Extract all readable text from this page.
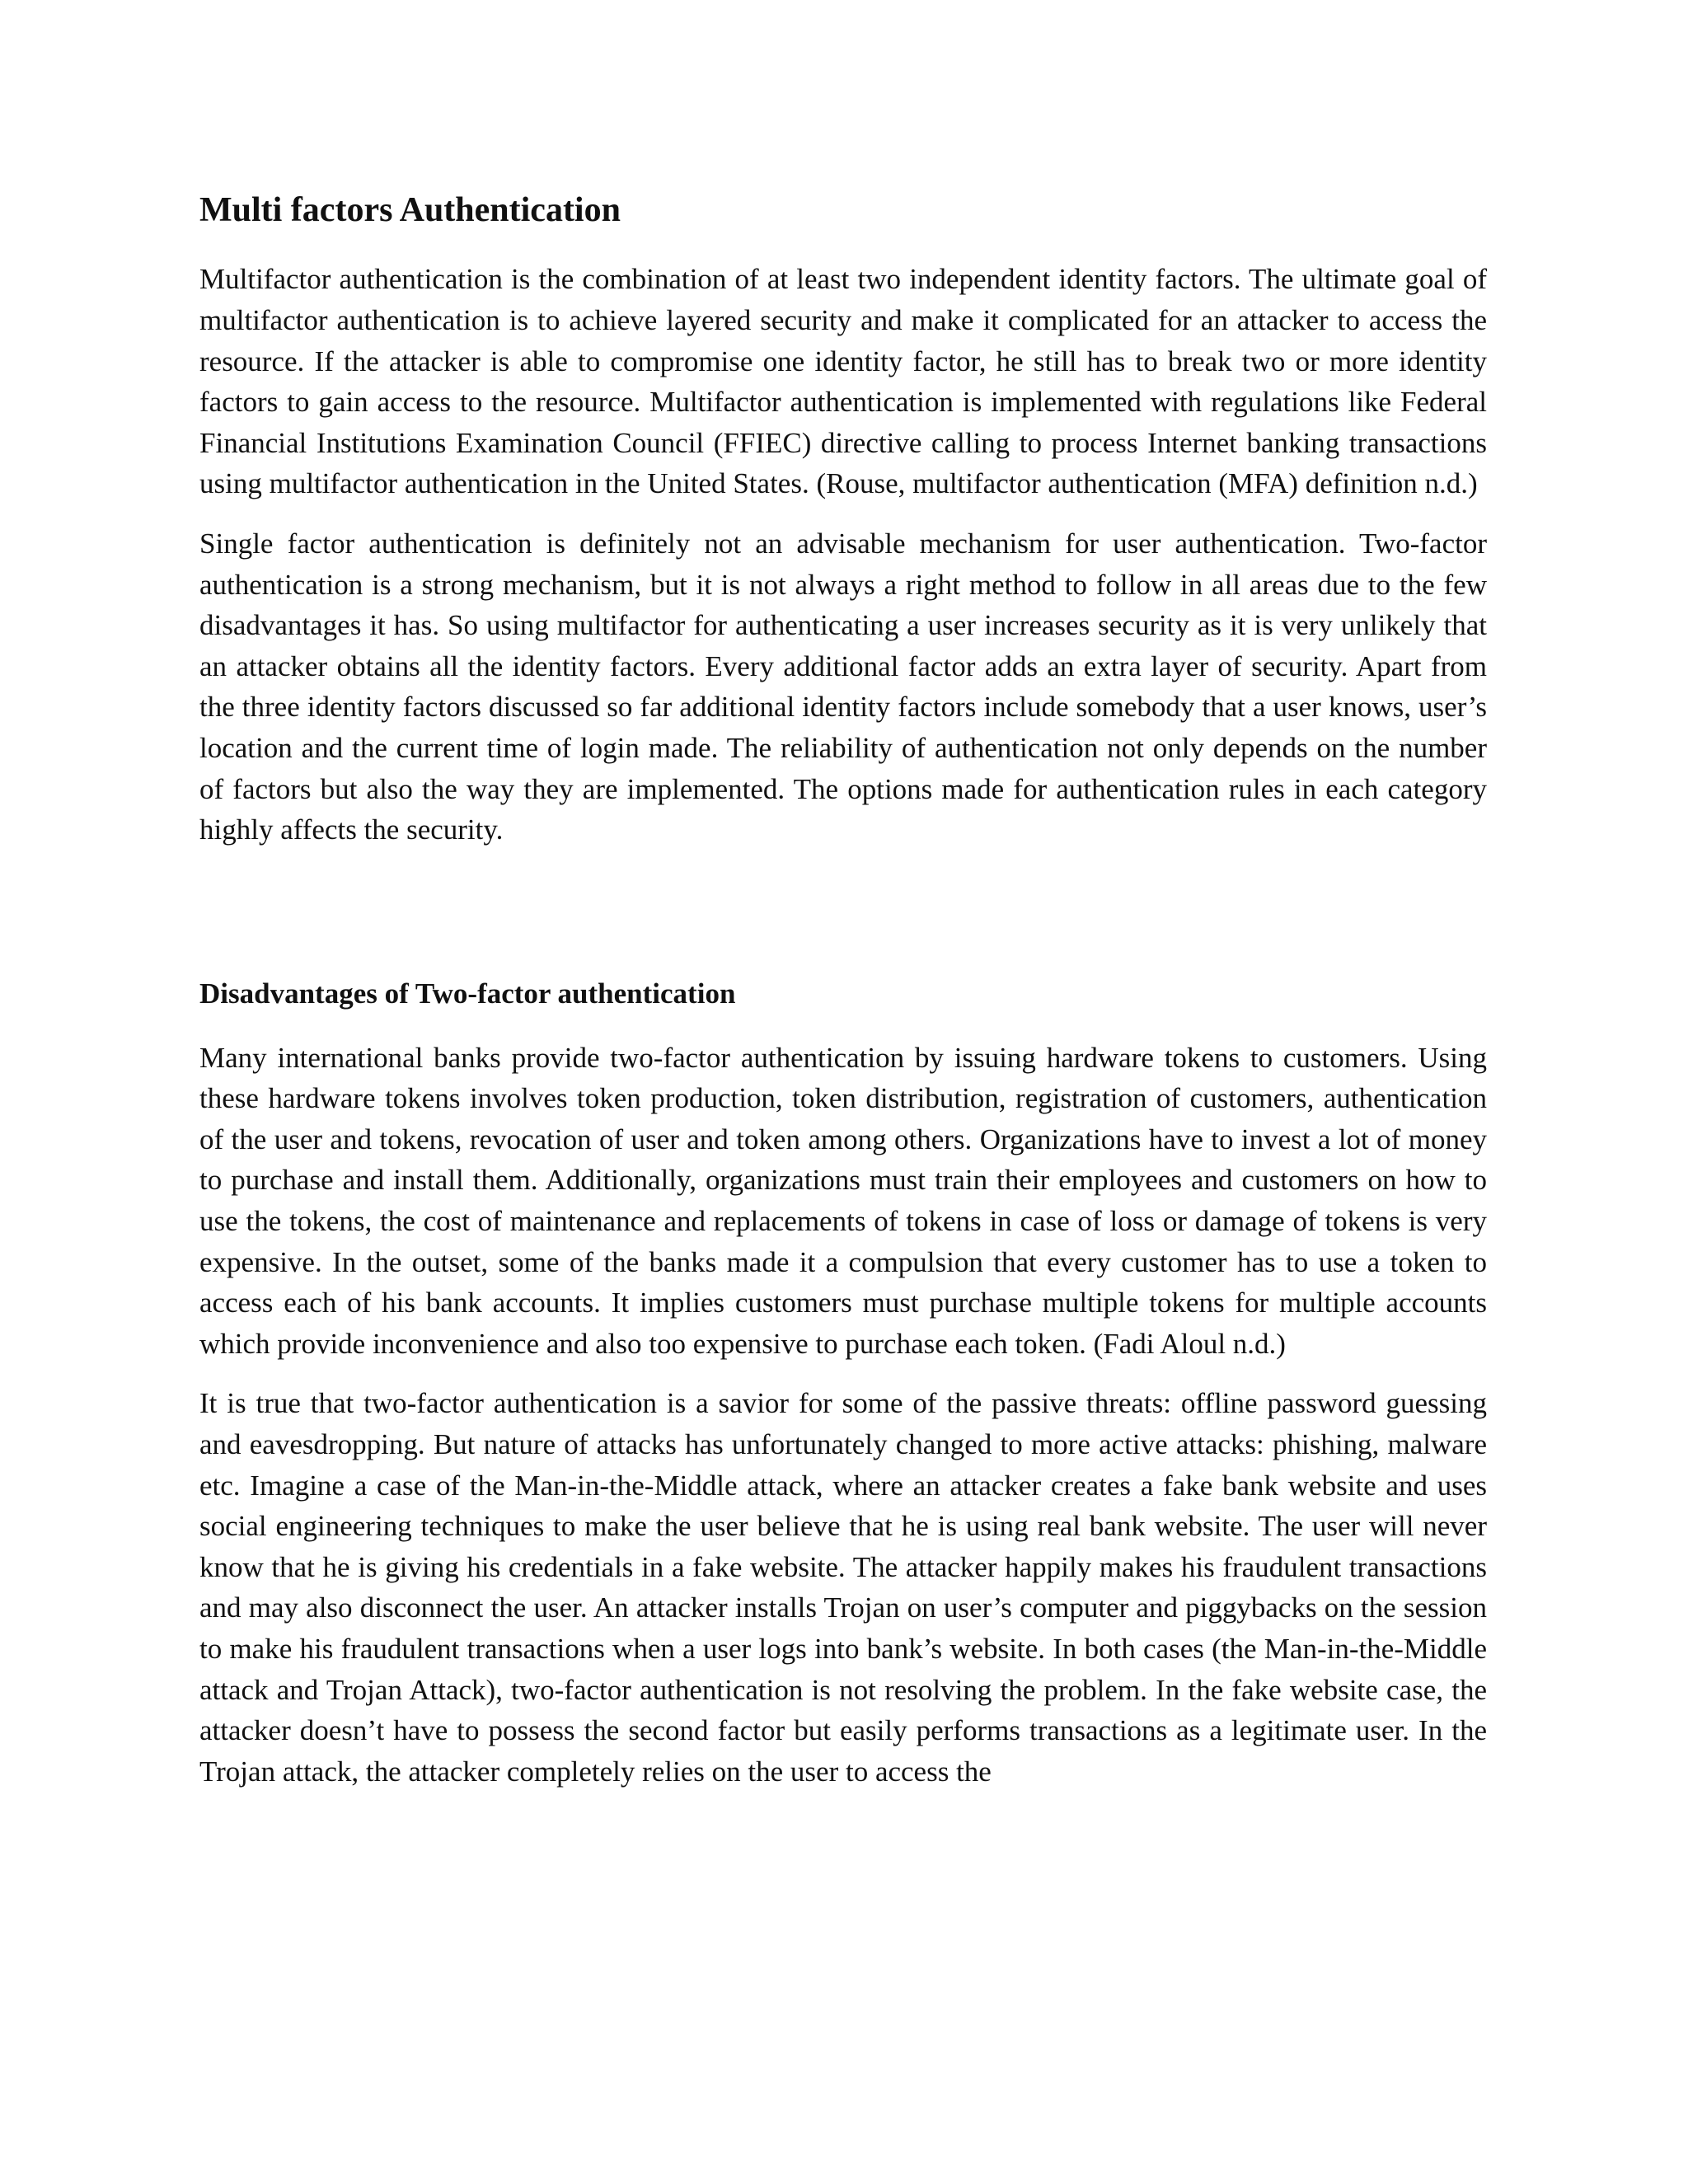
Multi factors Authentication

Multifactor authentication is the combination of at least two independent identity factors. The ultimate goal of multifactor authentication is to achieve layered security and make it complicated for an attacker to access the resource. If the attacker is able to compromise one identity factor, he still has to break two or more identity factors to gain access to the resource. Multifactor authentication is implemented with regulations like Federal Financial Institutions Examination Council (FFIEC) directive calling to process Internet banking transactions using multifactor authentication in the United States. (Rouse, multifactor authentication (MFA) definition n.d.)

Single factor authentication is definitely not an advisable mechanism for user authentication. Two-factor authentication is a strong mechanism, but it is not always a right method to follow in all areas due to the few disadvantages it has. So using multifactor for authenticating a user increases security as it is very unlikely that an attacker obtains all the identity factors. Every additional factor adds an extra layer of security. Apart from the three identity factors discussed so far additional identity factors include somebody that a user knows, user’s location and the current time of login made. The reliability of authentication not only depends on the number of factors but also the way they are implemented. The options made for authentication rules in each category highly affects the security.

Disadvantages of Two-factor authentication

Many international banks provide two-factor authentication by issuing hardware tokens to customers. Using these hardware tokens involves token production, token distribution, registration of customers, authentication of the user and tokens, revocation of user and token among others. Organizations have to invest a lot of money to purchase and install them. Additionally, organizations must train their employees and customers on how to use the tokens, the cost of maintenance and replacements of tokens in case of loss or damage of tokens is very expensive. In the outset, some of the banks made it a compulsion that every customer has to use a token to access each of his bank accounts. It implies customers must purchase multiple tokens for multiple accounts which provide inconvenience and also too expensive to purchase each token. (Fadi Aloul n.d.)

It is true that two-factor authentication is a savior for some of the passive threats: offline password guessing and eavesdropping. But nature of attacks has unfortunately changed to more active attacks: phishing, malware etc. Imagine a case of the Man-in-the-Middle attack, where an attacker creates a fake bank website and uses social engineering techniques to make the user believe that he is using real bank website. The user will never know that he is giving his credentials in a fake website. The attacker happily makes his fraudulent transactions and may also disconnect the user. An attacker installs Trojan on user’s computer and piggybacks on the session to make his fraudulent transactions when a user logs into bank’s website. In both cases (the Man-in-the-Middle attack and Trojan Attack), two-factor authentication is not resolving the problem. In the fake website case, the attacker doesn’t have to possess the second factor but easily performs transactions as a legitimate user. In the Trojan attack, the attacker completely relies on the user to access the
